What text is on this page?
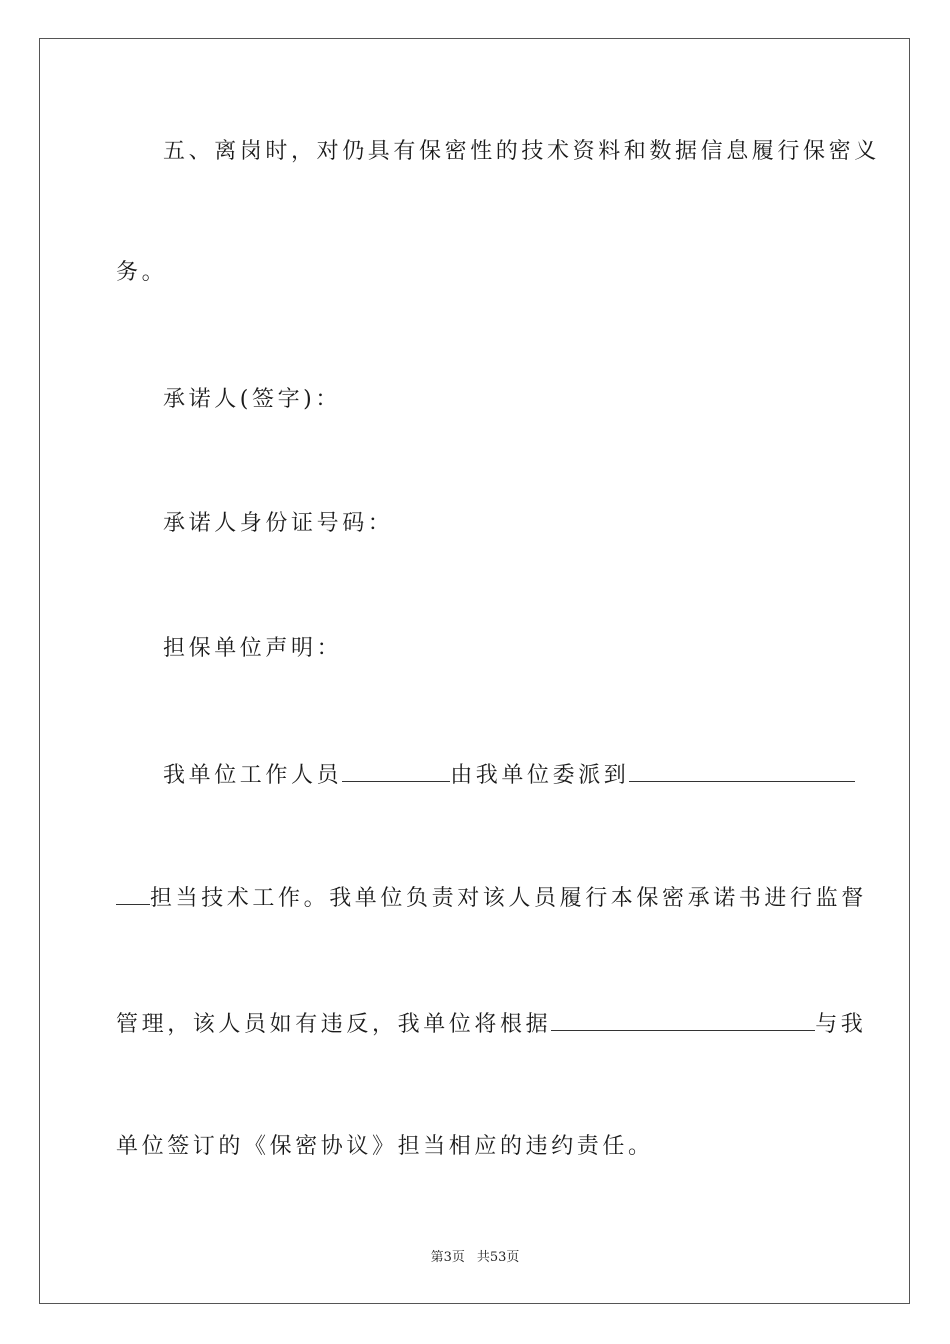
五、离岗时，对仍具有保密性的技术资料和数据信息履行保密义
务。
承诺人(签字)：
承诺人身份证号码：
担保单位声明：
我单位工作人员	由我单位委派到
担当技术工作。我单位负责对该人员履行本保密承诺书进行监督
管理，该人员如有违反，我单位将根据	与我
单位签订的《保密协议》担当相应的违约责任。
第3页 共53页
